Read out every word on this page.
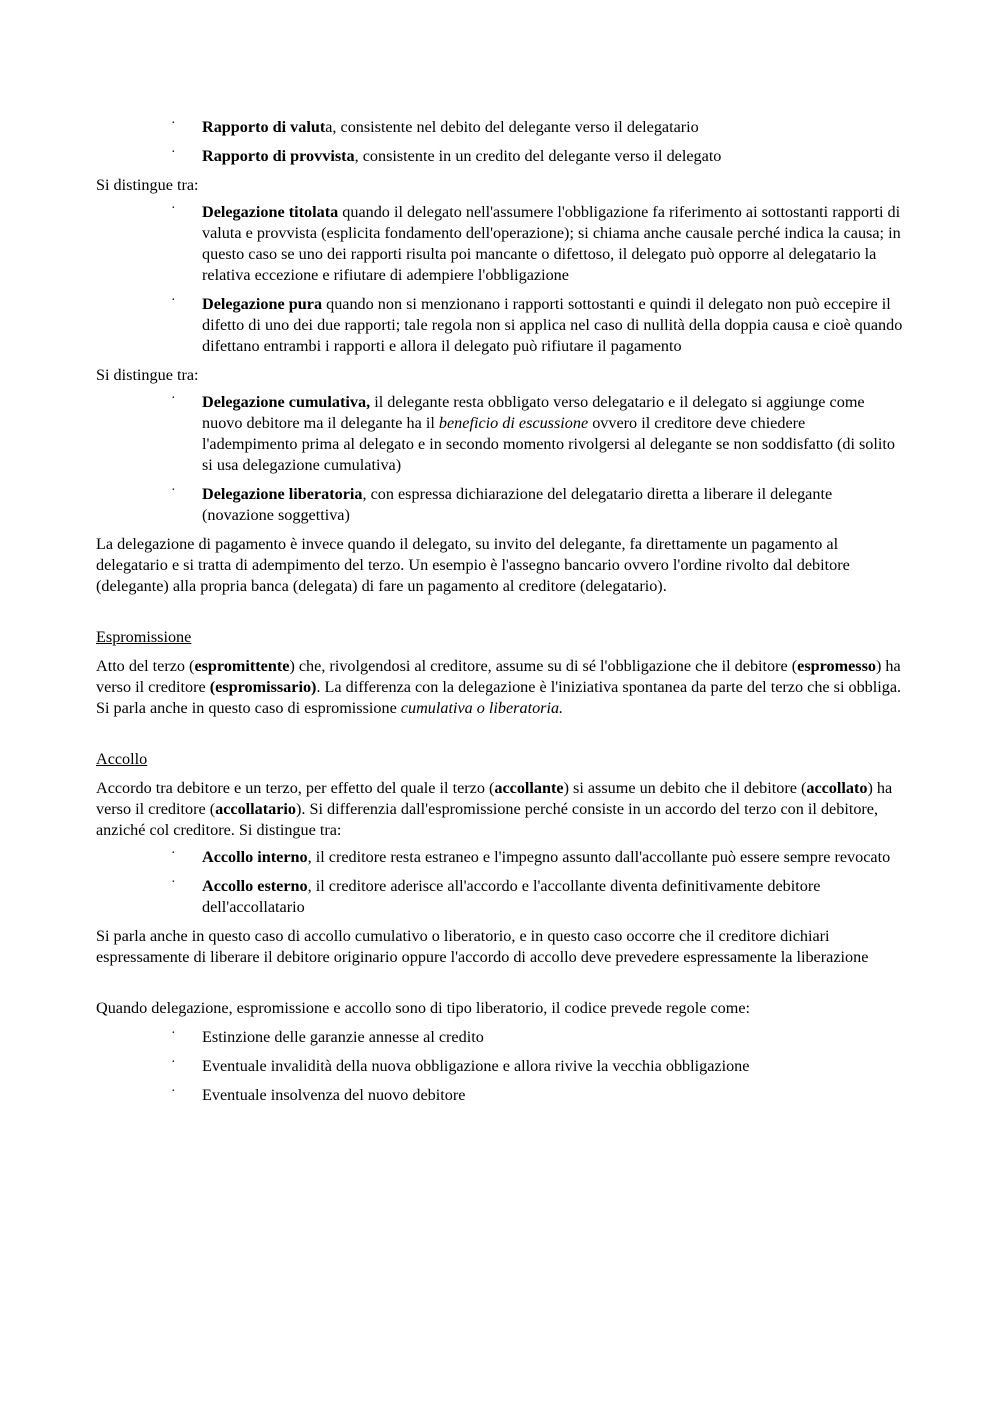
· Rapporto di valuta, consistente nel debito del delegante verso il delegatario
· Rapporto di provvista, consistente in un credito del delegante verso il delegato

Si distingue tra:

· Delegazione titolata quando il delegato nell'assumere l'obbligazione fa riferimento ai sottostanti rapporti di valuta e provvista (esplicita fondamento dell'operazione); si chiama anche causale perché indica la causa; in questo caso se uno dei rapporti risulta poi mancante o difettoso, il delegato può opporre al delegatario la relativa eccezione e rifiutare di adempiere l'obbligazione
· Delegazione pura quando non si menzionano i rapporti sottostanti e quindi il delegato non può eccepire il difetto di uno dei due rapporti; tale regola non si applica nel caso di nullità della doppia causa e cioè quando difettano entrambi i rapporti e allora il delegato può rifiutare il pagamento

Si distingue tra:

· Delegazione cumulativa, il delegante resta obbligato verso delegatario e il delegato si aggiunge come nuovo debitore ma il delegante ha il beneficio di escussione ovvero il creditore deve chiedere l'adempimento prima al delegato e in secondo momento rivolgersi al delegante se non soddisfatto (di solito si usa delegazione cumulativa)
· Delegazione liberatoria, con espressa dichiarazione del delegatario diretta a liberare il delegante (novazione soggettiva)

La delegazione di pagamento è invece quando il delegato, su invito del delegante, fa direttamente un pagamento al delegatario e si tratta di adempimento del terzo. Un esempio è l'assegno bancario ovvero l'ordine rivolto dal debitore (delegante) alla propria banca (delegata) di fare un pagamento al creditore (delegatario).

Espromissione

Atto del terzo (espromittente) che, rivolgendosi al creditore, assume su di sé l'obbligazione che il debitore (espromesso) ha verso il creditore (espromissario). La differenza con la delegazione è l'iniziativa spontanea da parte del terzo che si obbliga. Si parla anche in questo caso di espromissione cumulativa o liberatoria.

Accollo

Accordo tra debitore e un terzo, per effetto del quale il terzo (accollante) si assume un debito che il debitore (accollato) ha verso il creditore (accollatario). Si differenzia dall'espromissione perché consiste in un accordo del terzo con il debitore, anziché col creditore. Si distingue tra:

· Accollo interno, il creditore resta estraneo e l'impegno assunto dall'accollante può essere sempre revocato
· Accollo esterno, il creditore aderisce all'accordo e l'accollante diventa definitivamente debitore dell'accollatario

Si parla anche in questo caso di accollo cumulativo o liberatorio, e in questo caso occorre che il creditore dichiari espressamente di liberare il debitore originario oppure l'accordo di accollo deve prevedere espressamente la liberazione

Quando delegazione, espromissione e accollo sono di tipo liberatorio, il codice prevede regole come:

· Estinzione delle garanzie annesse al credito
· Eventuale invalidità della nuova obbligazione e allora rivive la vecchia obbligazione
· Eventuale insolvenza del nuovo debitore
